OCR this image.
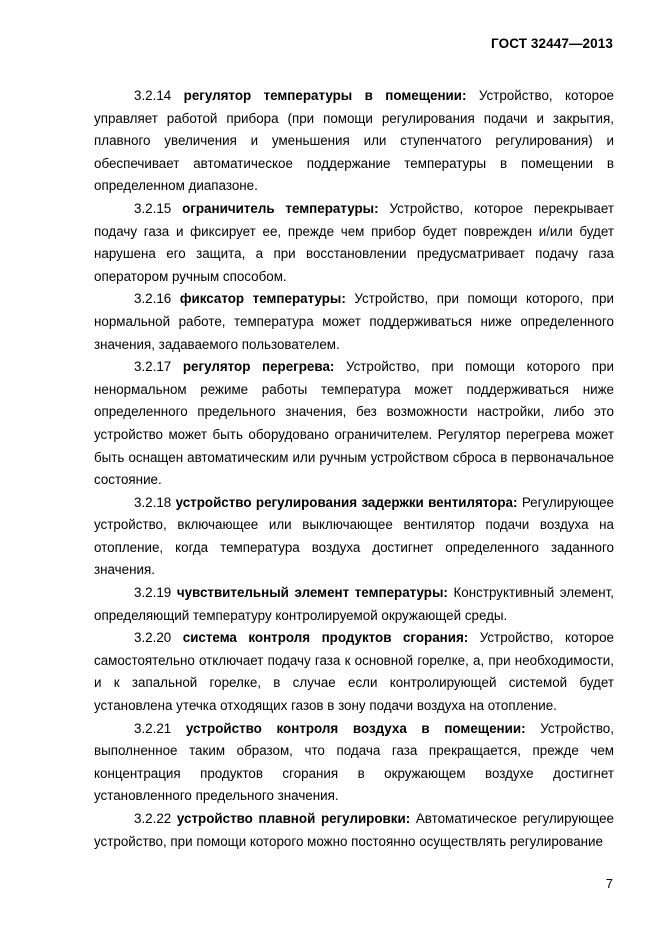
ГОСТ 32447—2013

3.2.14 регулятор температуры в помещении: Устройство, которое управляет работой прибора (при помощи регулирования подачи и закрытия, плавного увеличения и уменьшения или ступенчатого регулирования) и обеспечивает автоматическое поддержание температуры в помещении в определенном диапазоне.

3.2.15 ограничитель температуры: Устройство, которое перекрывает подачу газа и фиксирует ее, прежде чем прибор будет поврежден и/или будет нарушена его защита, а при восстановлении предусматривает подачу газа оператором ручным способом.

3.2.16 фиксатор температуры: Устройство, при помощи которого, при нормальной работе, температура может поддерживаться ниже определенного значения, задаваемого пользователем.

3.2.17 регулятор перегрева: Устройство, при помощи которого при ненормальном режиме работы температура может поддерживаться ниже определенного предельного значения, без возможности настройки, либо это устройство может быть оборудовано ограничителем. Регулятор перегрева может быть оснащен автоматическим или ручным устройством сброса в первоначальное состояние.

3.2.18 устройство регулирования задержки вентилятора: Регулирующее устройство, включающее или выключающее вентилятор подачи воздуха на отопление, когда температура воздуха достигнет определенного заданного значения.

3.2.19 чувствительный элемент температуры: Конструктивный элемент, определяющий температуру контролируемой окружающей среды.

3.2.20 система контроля продуктов сгорания: Устройство, которое самостоятельно отключает подачу газа к основной горелке, а, при необходимости, и к запальной горелке, в случае если контролирующей системой будет установлена утечка отходящих газов в зону подачи воздуха на отопление.

3.2.21 устройство контроля воздуха в помещении: Устройство, выполненное таким образом, что подача газа прекращается, прежде чем концентрация продуктов сгорания в окружающем воздухе достигнет установленного предельного значения.

3.2.22 устройство плавной регулировки: Автоматическое регулирующее устройство, при помощи которого можно постоянно осуществлять регулирование

7
